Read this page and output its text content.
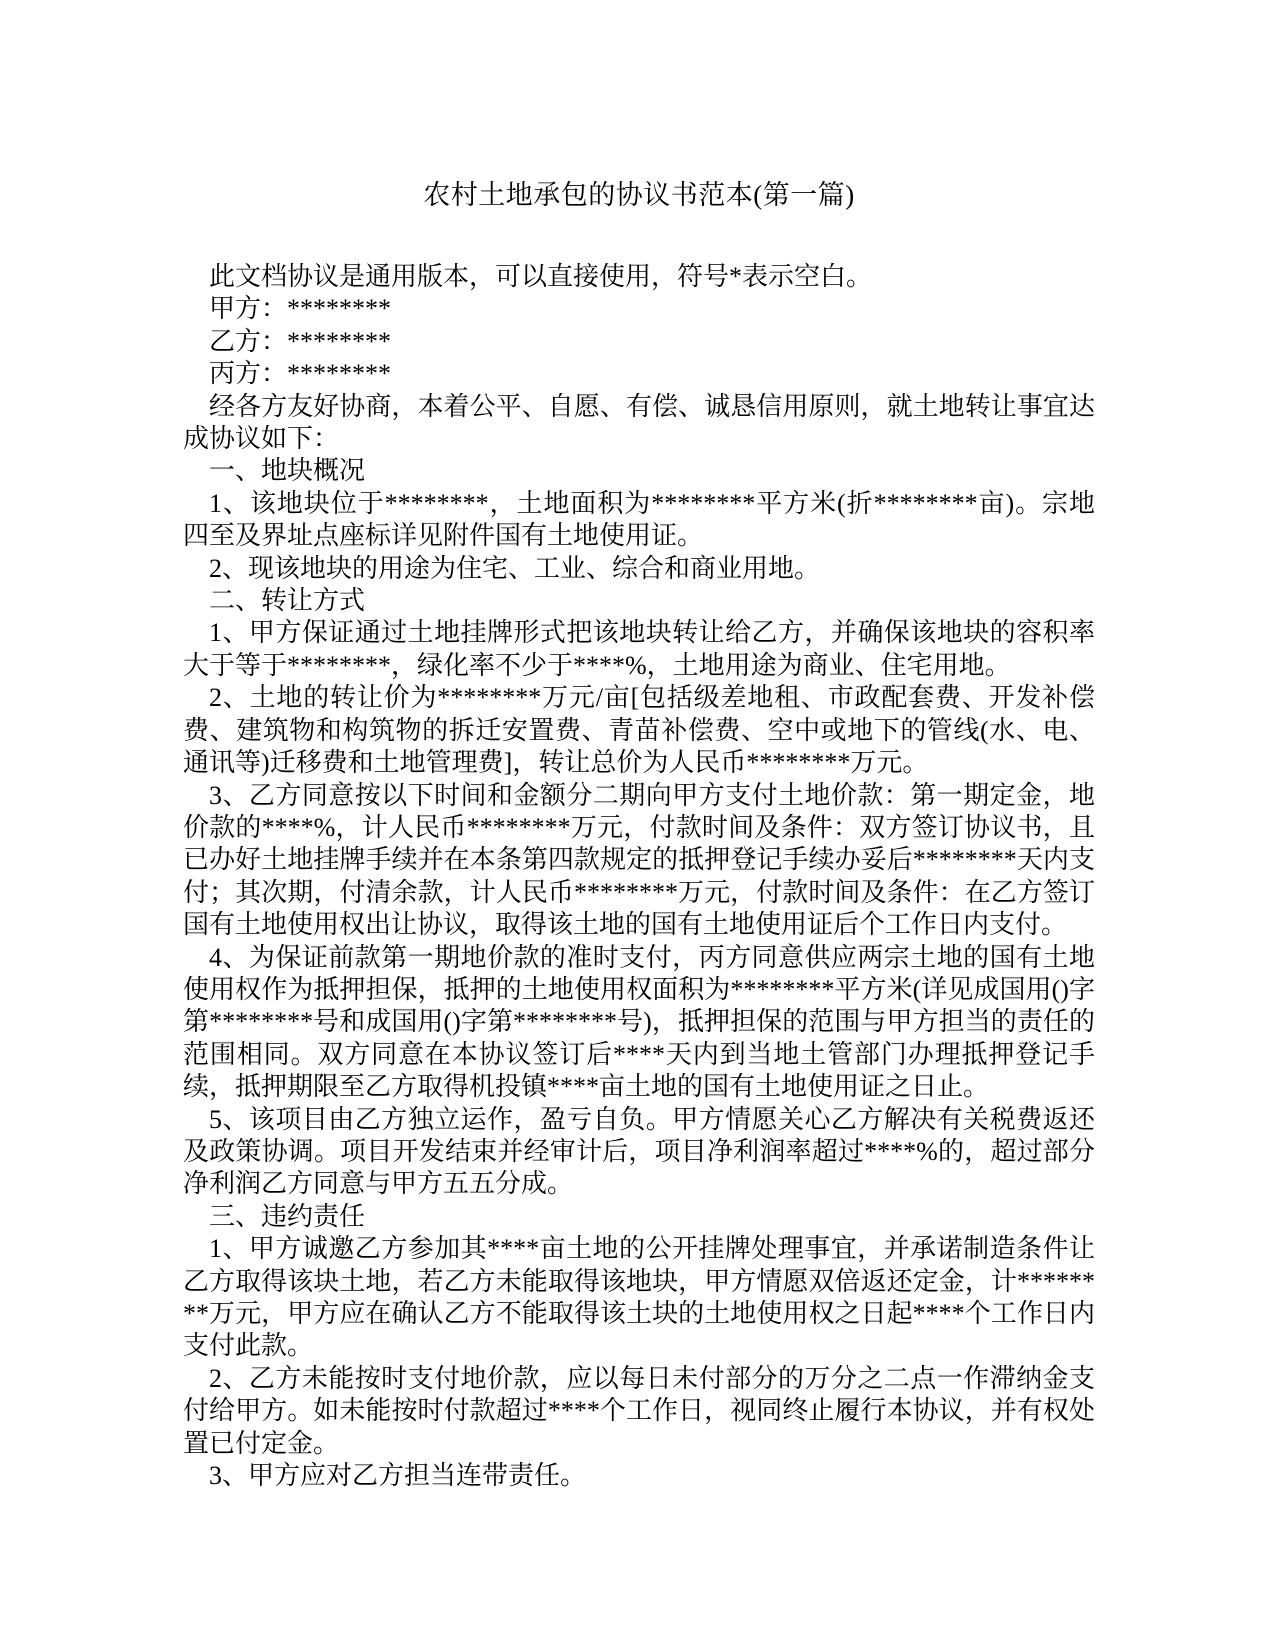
农村土地承包的协议书范本(第一篇)

此文档协议是通用版本，可以直接使用，符号*表示空白。

甲方：********

乙方：********

丙方：********

经各方友好协商，本着公平、自愿、有偿、诚恳信用原则，就土地转让事宜达成协议如下：

一、地块概况

1、该地块位于********，土地面积为********平方米(折********亩)。宗地四至及界址点座标详见附件国有土地使用证。

2、现该地块的用途为住宅、工业、综合和商业用地。

二、转让方式

1、甲方保证通过土地挂牌形式把该地块转让给乙方，并确保该地块的容积率大于等于********，绿化率不少于****%，土地用途为商业、住宅用地。

2、土地的转让价为********万元/亩[包括级差地租、市政配套费、开发补偿费、建筑物和构筑物的拆迁安置费、青苗补偿费、空中或地下的管线(水、电、通讯等)迁移费和土地管理费]，转让总价为人民币********万元。

3、乙方同意按以下时间和金额分二期向甲方支付土地价款：第一期定金，地价款的****%，计人民币********万元，付款时间及条件：双方签订协议书，且已办好土地挂牌手续并在本条第四款规定的抵押登记手续办妥后********天内支付；其次期，付清余款，计人民币********万元，付款时间及条件：在乙方签订国有土地使用权出让协议，取得该土地的国有土地使用证后个工作日内支付。

4、为保证前款第一期地价款的准时支付，丙方同意供应两宗土地的国有土地使用权作为抵押担保，抵押的土地使用权面积为********平方米(详见成国用()字第********号和成国用()字第********号)，抵押担保的范围与甲方担当的责任的范围相同。双方同意在本协议签订后****天内到当地土管部门办理抵押登记手续，抵押期限至乙方取得机投镇****亩土地的国有土地使用证之日止。

5、该项目由乙方独立运作，盈亏自负。甲方情愿关心乙方解决有关税费返还及政策协调。项目开发结束并经审计后，项目净利润率超过****%的，超过部分净利润乙方同意与甲方五五分成。

三、违约责任

1、甲方诚邀乙方参加其****亩土地的公开挂牌处理事宜，并承诺制造条件让乙方取得该块土地，若乙方未能取得该地块，甲方情愿双倍返还定金，计********万元，甲方应在确认乙方不能取得该土块的土地使用权之日起****个工作日内支付此款。

2、乙方未能按时支付地价款，应以每日未付部分的万分之二点一作滞纳金支付给甲方。如未能按时付款超过****个工作日，视同终止履行本协议，并有权处置已付定金。

3、甲方应对乙方担当连带责任。
